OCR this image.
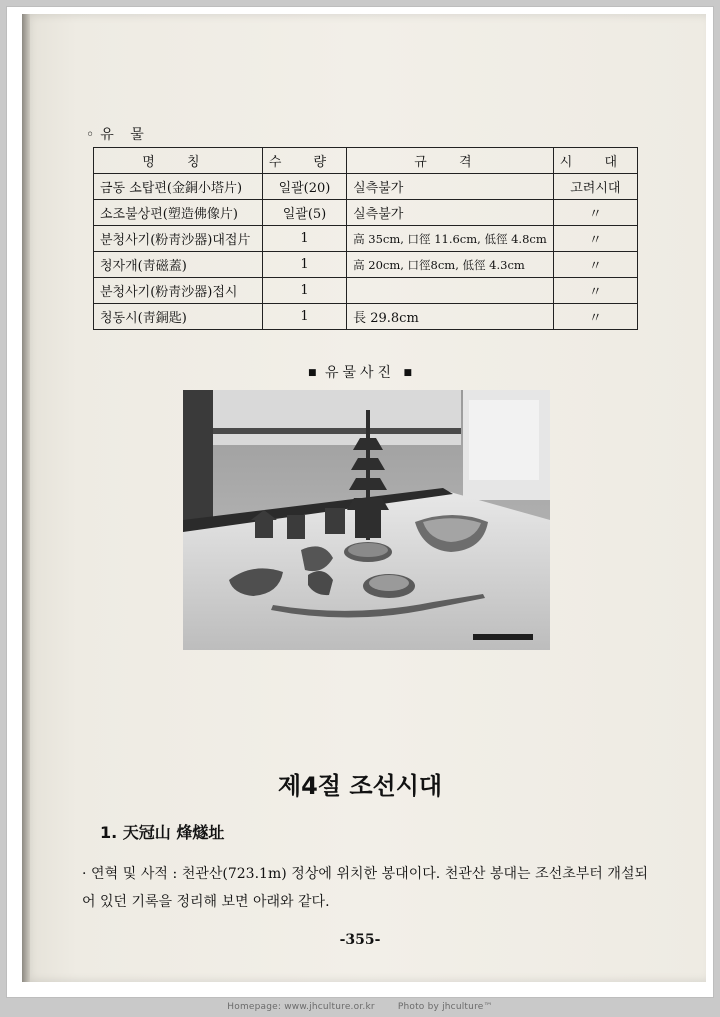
◦유 물
명 칭	수 량	규 격	시 대
금동 소탑편(金銅小塔片)	일괄(20)	실측불가	고려시대
소조불상편(塑造佛像片)	일괄(5)	실측불가	〃
분청사기(粉靑沙器)대접片	1	高 35cm, 口徑 11.6cm, 低徑 4.8cm	〃
청자개(靑磁蓋)	1	高 20cm, 口徑8cm, 低徑 4.3cm	〃
분청사기(粉靑沙器)접시	1		〃
청동시(靑銅匙)	1	長 29.8cm	〃
■ 유물사진 ■
제4절 조선시대
1. 天冠山 烽燧址
· 연혁 및 사적 : 천관산(723.1m) 정상에 위치한 봉대이다. 천관산 봉대는 조선초부터 개설되어 있던 기록을 정리해 보면 아래와 같다.
-355-
Homepage: www.jhculture.or.kr	Photo by jhculture™
